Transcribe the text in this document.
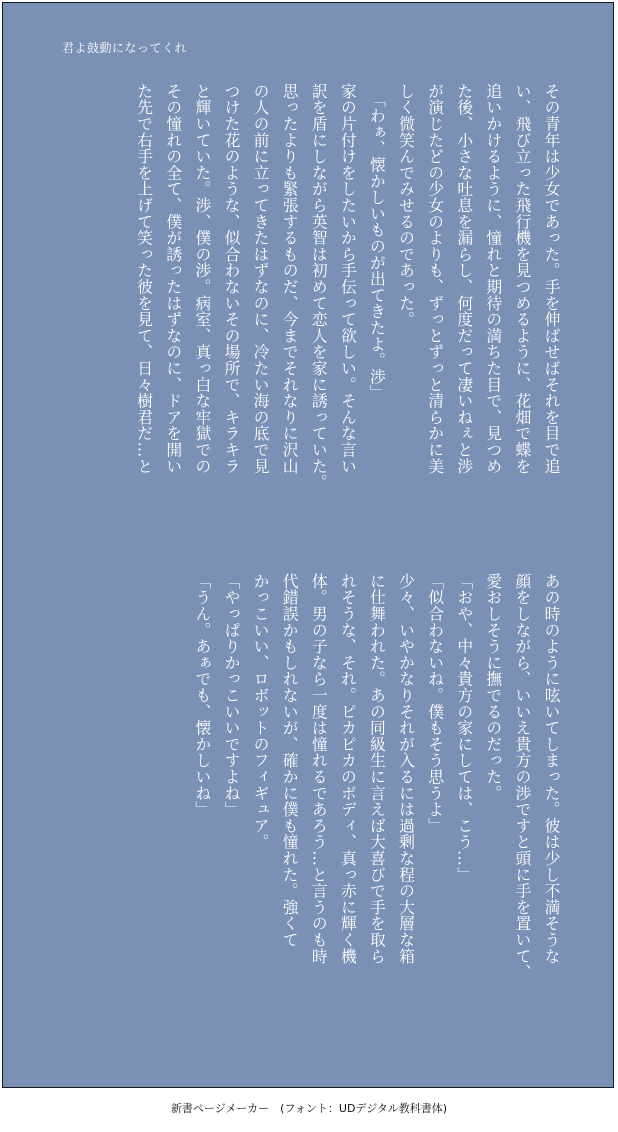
君よ鼓動になってくれ

その青年は少女であった。手を伸ばせばそれを目で追

い、飛び立った飛行機を見つめるように、花畑で蝶を

追いかけるように、憧れと期待の満ちた目で、見つめ

た後、小さな吐息を漏らし、何度だって凄いねぇと渉

が演じたどの少女のよりも、ずっとずっと清らかに美

しく微笑んでみせるのであった。

　「わぁ、懐かしいものが出てきたよ。渉」

家の片付けをしたいから手伝って欲しい。そんな言い

訳を盾にしながら英智は初めて恋人を家に誘っていた。

思ったよりも緊張するものだ、今までそれなりに沢山

の人の前に立ってきたはずなのに、冷たい海の底で見

つけた花のような、似合わないその場所で、キラキラ

と輝いていた。渉、僕の渉。病室、真っ白な牢獄での

その憧れの全て、僕が誘ったはずなのに、ドアを開い

た先で右手を上げて笑った彼を見て、日々樹君だ…と

あの時のように呟いてしまった。彼は少し不満そうな

顔をしながら、いいえ貴方の渉ですと頭に手を置いて、

愛おしそうに撫でるのだった。

「おや、中々貴方の家にしては、こう…」

「似合わないね。僕もそう思うよ」

少々、いやかなりそれが入るには過剰な程の大層な箱

に仕舞われた。あの同級生に言えば大喜びで手を取ら

れそうな、それ。ピカピカのボディ、真っ赤に輝く機

体。男の子なら一度は憧れるであろう…と言うのも時

代錯誤かもしれないが、確かに僕も憧れた。強くて

かっこいい、ロボットのフィギュア。

「やっぱりかっこいいですよね」

「うん。あぁでも、懐かしいね」

新書ページメーカー　(フォント：UDデジタル教科書体)
